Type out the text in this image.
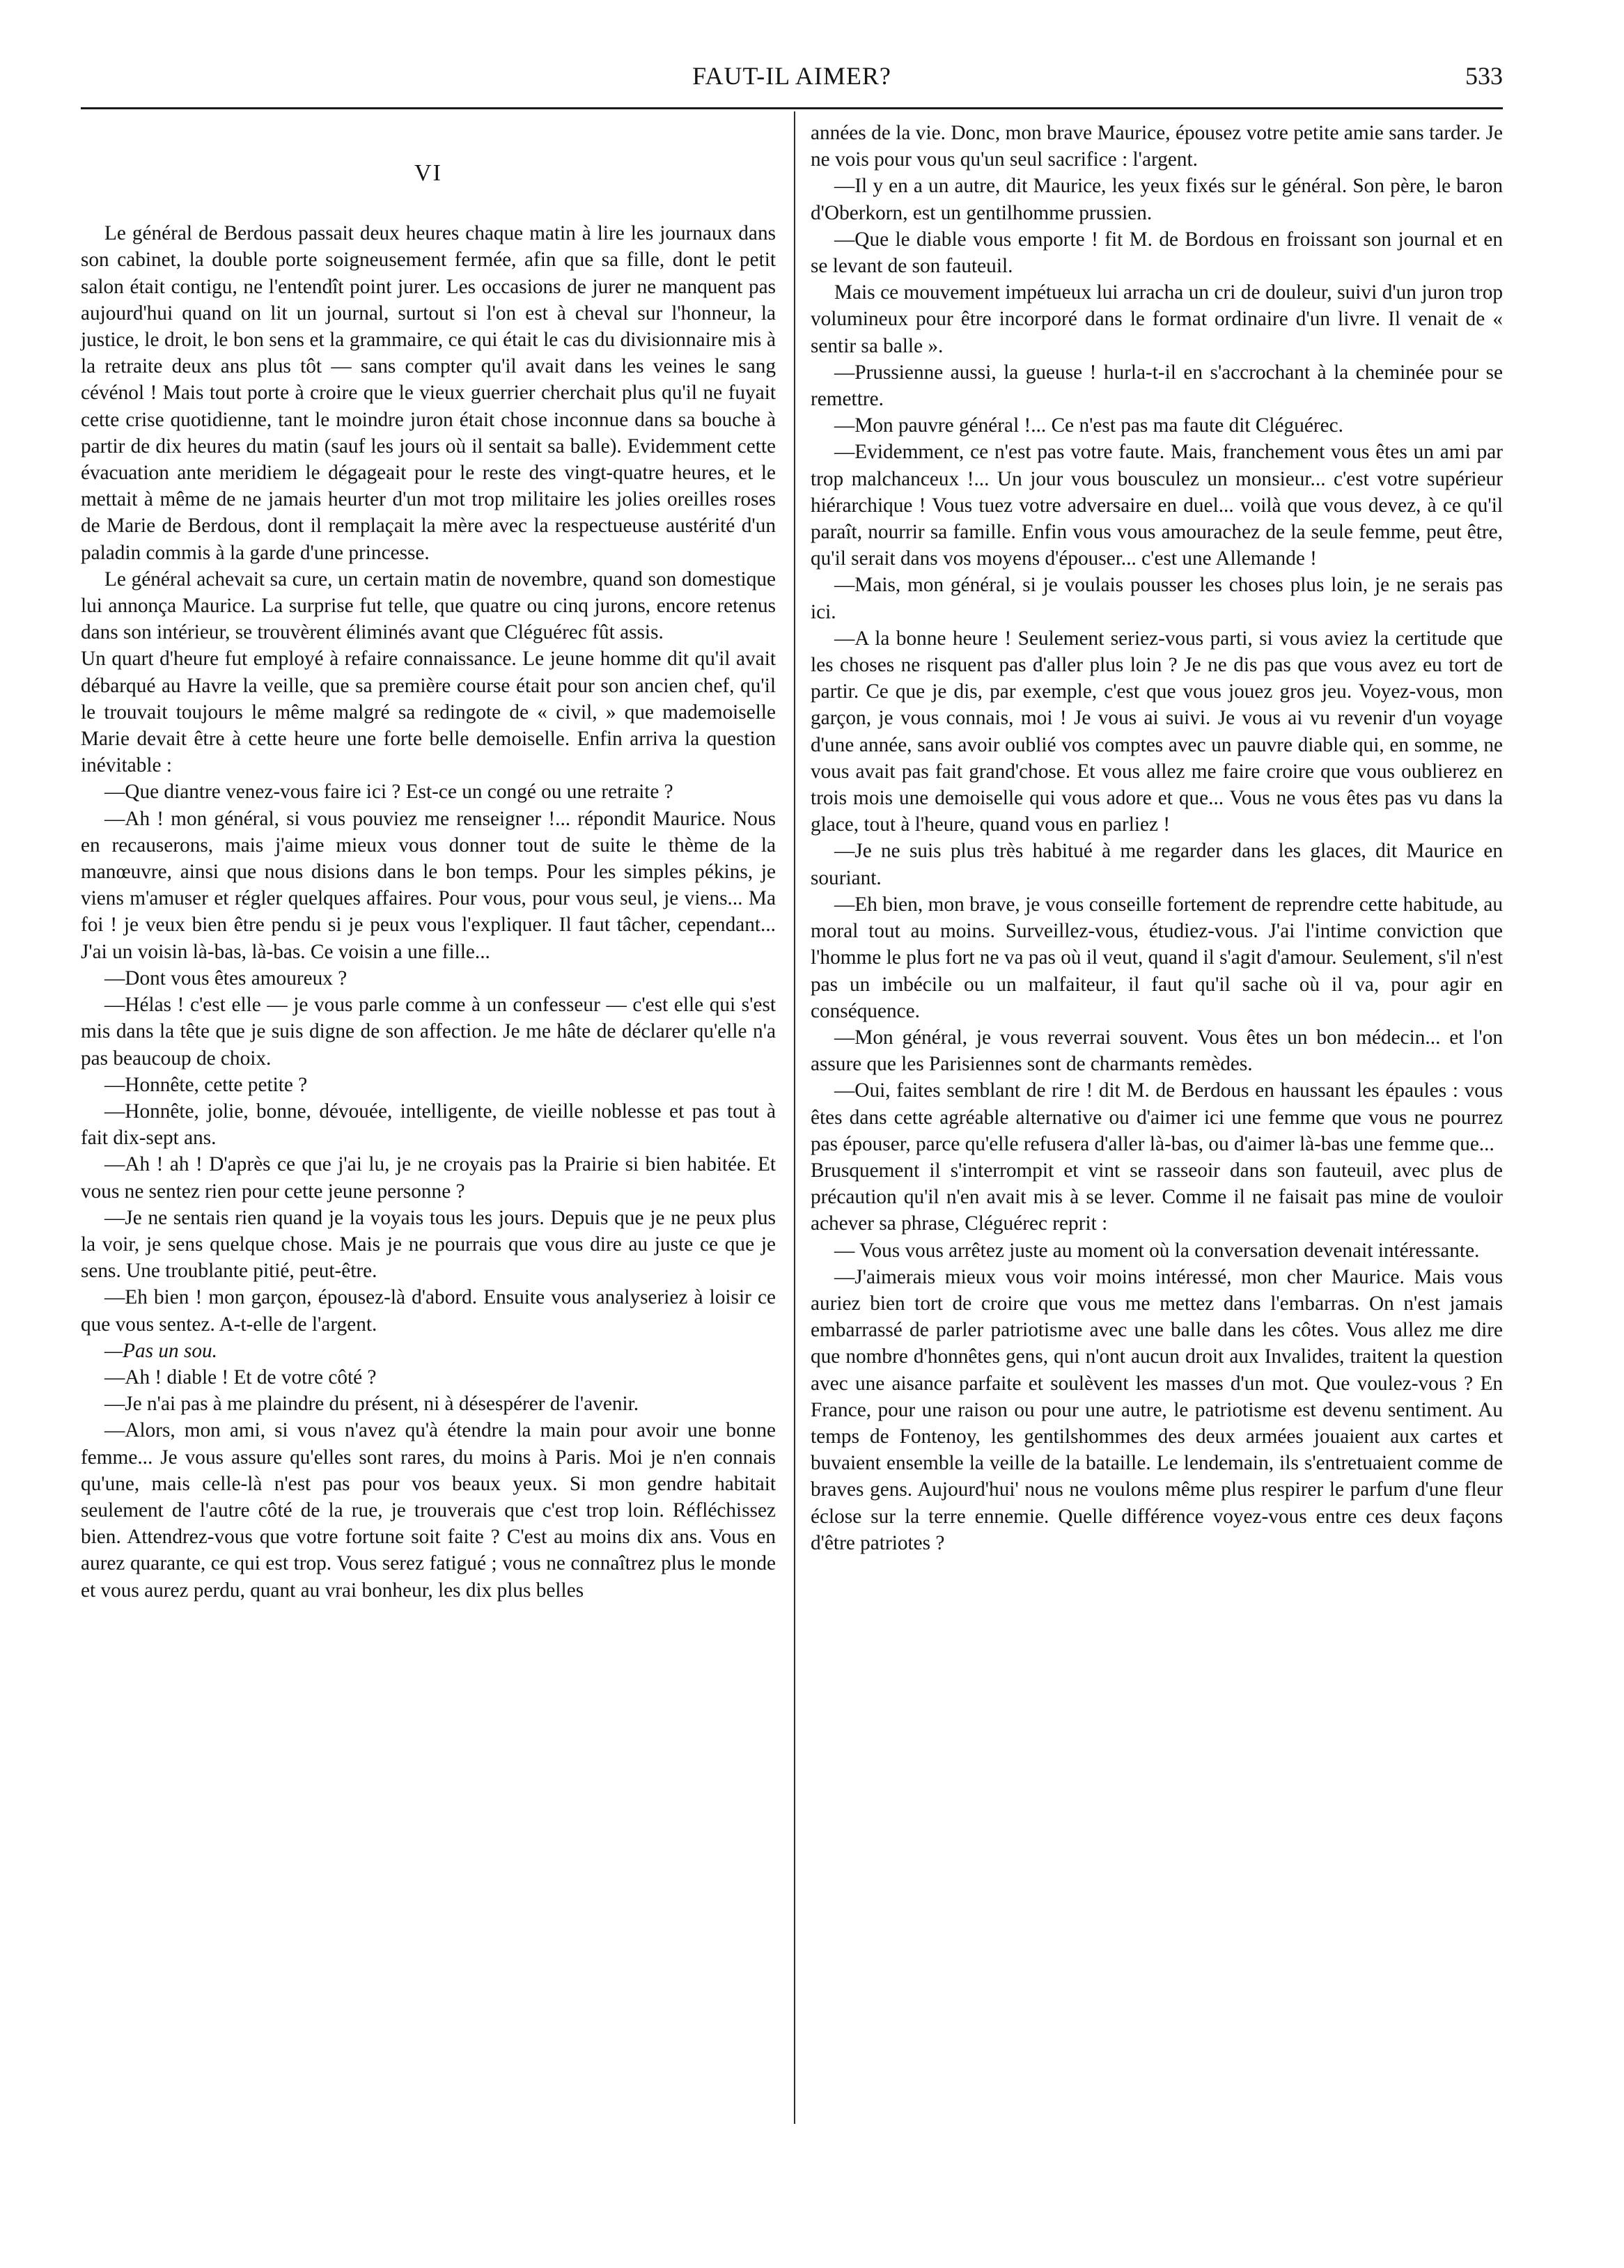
FAUT-IL AIMER?	533
VI

Le général de Berdous passait deux heures chaque matin à lire les journaux dans son cabinet, la double porte soigneusement fermée, afin que sa fille, dont le petit salon était contigu, ne l'entendît point jurer. Les occasions de jurer ne manquent pas aujourd'hui quand on lit un journal, surtout si l'on est à cheval sur l'honneur, la justice, le droit, le bon sens et la grammaire, ce qui était le cas du divisionnaire mis à la retraite deux ans plus tôt — sans compter qu'il avait dans les veines le sang cévénol ! Mais tout porte à croire que le vieux guerrier cherchait plus qu'il ne fuyait cette crise quotidienne, tant le moindre juron était chose inconnue dans sa bouche à partir de dix heures du matin (sauf les jours où il sentait sa balle). Evidemment cette évacuation ante meridiem le dégageait pour le reste des vingt-quatre heures, et le mettait à même de ne jamais heurter d'un mot trop militaire les jolies oreilles roses de Marie de Berdous, dont il remplaçait la mère avec la respectueuse austérité d'un paladin commis à la garde d'une princesse.

Le général achevait sa cure, un certain matin de novembre, quand son domestique lui annonça Maurice. La surprise fut telle, que quatre ou cinq jurons, encore retenus dans son intérieur, se trouvèrent éliminés avant que Cléguérec fût assis.

Un quart d'heure fut employé à refaire connaissance. Le jeune homme dit qu'il avait débarqué au Havre la veille, que sa première course était pour son ancien chef, qu'il le trouvait toujours le même malgré sa redingote de « civil, » que mademoiselle Marie devait être à cette heure une forte belle demoiselle. Enfin arriva la question inévitable :

—Que diantre venez-vous faire ici ? Est-ce un congé ou une retraite ?

—Ah ! mon général, si vous pouviez me renseigner !... répondit Maurice. Nous en recauserons, mais j'aime mieux vous donner tout de suite le thème de la manœuvre, ainsi que nous disions dans le bon temps. Pour les simples pékins, je viens m'amuser et régler quelques affaires. Pour vous, pour vous seul, je viens... Ma foi ! je veux bien être pendu si je peux vous l'expliquer. Il faut tâcher, cependant... J'ai un voisin là-bas, là-bas. Ce voisin a une fille...

—Dont vous êtes amoureux ?

—Hélas ! c'est elle — je vous parle comme à un confesseur — c'est elle qui s'est mis dans la tête que je suis digne de son affection. Je me hâte de déclarer qu'elle n'a pas beaucoup de choix.

—Honnête, cette petite ?

—Honnête, jolie, bonne, dévouée, intelligente, de vieille noblesse et pas tout à fait dix-sept ans.

—Ah ! ah ! D'après ce que j'ai lu, je ne croyais pas la Prairie si bien habitée. Et vous ne sentez rien pour cette jeune personne ?

—Je ne sentais rien quand je la voyais tous les jours. Depuis que je ne peux plus la voir, je sens quelque chose. Mais je ne pourrais que vous dire au juste ce que je sens. Une troublante pitié, peut-être.

—Eh bien ! mon garçon, épousez-là d'abord. Ensuite vous analyseriez à loisir ce que vous sentez. A-t-elle de l'argent.

—Pas un sou.

—Ah ! diable ! Et de votre côté ?

—Je n'ai pas à me plaindre du présent, ni à désespérer de l'avenir.

—Alors, mon ami, si vous n'avez qu'à étendre la main pour avoir une bonne femme... Je vous assure qu'elles sont rares, du moins à Paris. Moi je n'en connais qu'une, mais celle-là n'est pas pour vos beaux yeux. Si mon gendre habitait seulement de l'autre côté de la rue, je trouverais que c'est trop loin. Réfléchissez bien. Attendrez-vous que votre fortune soit faite ? C'est au moins dix ans. Vous en aurez quarante, ce qui est trop. Vous serez fatigué ; vous ne connaîtrez plus le monde et vous aurez perdu, quant au vrai bonheur, les dix plus belles

années de la vie. Donc, mon brave Maurice, épousez votre petite amie sans tarder. Je ne vois pour vous qu'un seul sacrifice : l'argent.

—Il y en a un autre, dit Maurice, les yeux fixés sur le général. Son père, le baron d'Oberkorn, est un gentilhomme prussien.

—Que le diable vous emporte ! fit M. de Bordous en froissant son journal et en se levant de son fauteuil.

Mais ce mouvement impétueux lui arracha un cri de douleur, suivi d'un juron trop volumineux pour être incorporé dans le format ordinaire d'un livre. Il venait de « sentir sa balle ».

—Prussienne aussi, la gueuse ! hurla-t-il en s'accrochant à la cheminée pour se remettre.

—Mon pauvre général !... Ce n'est pas ma faute dit Cléguérec.

—Evidemment, ce n'est pas votre faute. Mais, franchement vous êtes un ami par trop malchanceux !... Un jour vous bousculez un monsieur... c'est votre supérieur hiérarchique ! Vous tuez votre adversaire en duel... voilà que vous devez, à ce qu'il paraît, nourrir sa famille. Enfin vous vous amourachez de la seule femme, peut être, qu'il serait dans vos moyens d'épouser... c'est une Allemande !

—Mais, mon général, si je voulais pousser les choses plus loin, je ne serais pas ici.

—A la bonne heure ! Seulement seriez-vous parti, si vous aviez la certitude que les choses ne risquent pas d'aller plus loin ? Je ne dis pas que vous avez eu tort de partir. Ce que je dis, par exemple, c'est que vous jouez gros jeu. Voyez-vous, mon garçon, je vous connais, moi ! Je vous ai suivi. Je vous ai vu revenir d'un voyage d'une année, sans avoir oublié vos comptes avec un pauvre diable qui, en somme, ne vous avait pas fait grand'chose. Et vous allez me faire croire que vous oublierez en trois mois une demoiselle qui vous adore et que... Vous ne vous êtes pas vu dans la glace, tout à l'heure, quand vous en parliez !

—Je ne suis plus très habitué à me regarder dans les glaces, dit Maurice en souriant.

—Eh bien, mon brave, je vous conseille fortement de reprendre cette habitude, au moral tout au moins. Surveillez-vous, étudiez-vous. J'ai l'intime conviction que l'homme le plus fort ne va pas où il veut, quand il s'agit d'amour. Seulement, s'il n'est pas un imbécile ou un malfaiteur, il faut qu'il sache où il va, pour agir en conséquence.

—Mon général, je vous reverrai souvent. Vous êtes un bon médecin... et l'on assure que les Parisiennes sont de charmants remèdes.

—Oui, faites semblant de rire ! dit M. de Berdous en haussant les épaules : vous êtes dans cette agréable alternative ou d'aimer ici une femme que vous ne pourrez pas épouser, parce qu'elle refusera d'aller là-bas, ou d'aimer là-bas une femme que...

Brusquement il s'interrompit et vint se rasseoir dans son fauteuil, avec plus de précaution qu'il n'en avait mis à se lever. Comme il ne faisait pas mine de vouloir achever sa phrase, Cléguérec reprit :

— Vous vous arrêtez juste au moment où la conversation devenait intéressante.

—J'aimerais mieux vous voir moins intéressé, mon cher Maurice. Mais vous auriez bien tort de croire que vous me mettez dans l'embarras. On n'est jamais embarrassé de parler patriotisme avec une balle dans les côtes. Vous allez me dire que nombre d'honnêtes gens, qui n'ont aucun droit aux Invalides, traitent la question avec une aisance parfaite et soulèvent les masses d'un mot. Que voulez-vous ? En France, pour une raison ou pour une autre, le patriotisme est devenu sentiment. Au temps de Fontenoy, les gentilshommes des deux armées jouaient aux cartes et buvaient ensemble la veille de la bataille. Le lendemain, ils s'entretuaient comme de braves gens. Aujourd'hui' nous ne voulons même plus respirer le parfum d'une fleur éclose sur la terre ennemie. Quelle différence voyez-vous entre ces deux façons d'être patriotes ?
